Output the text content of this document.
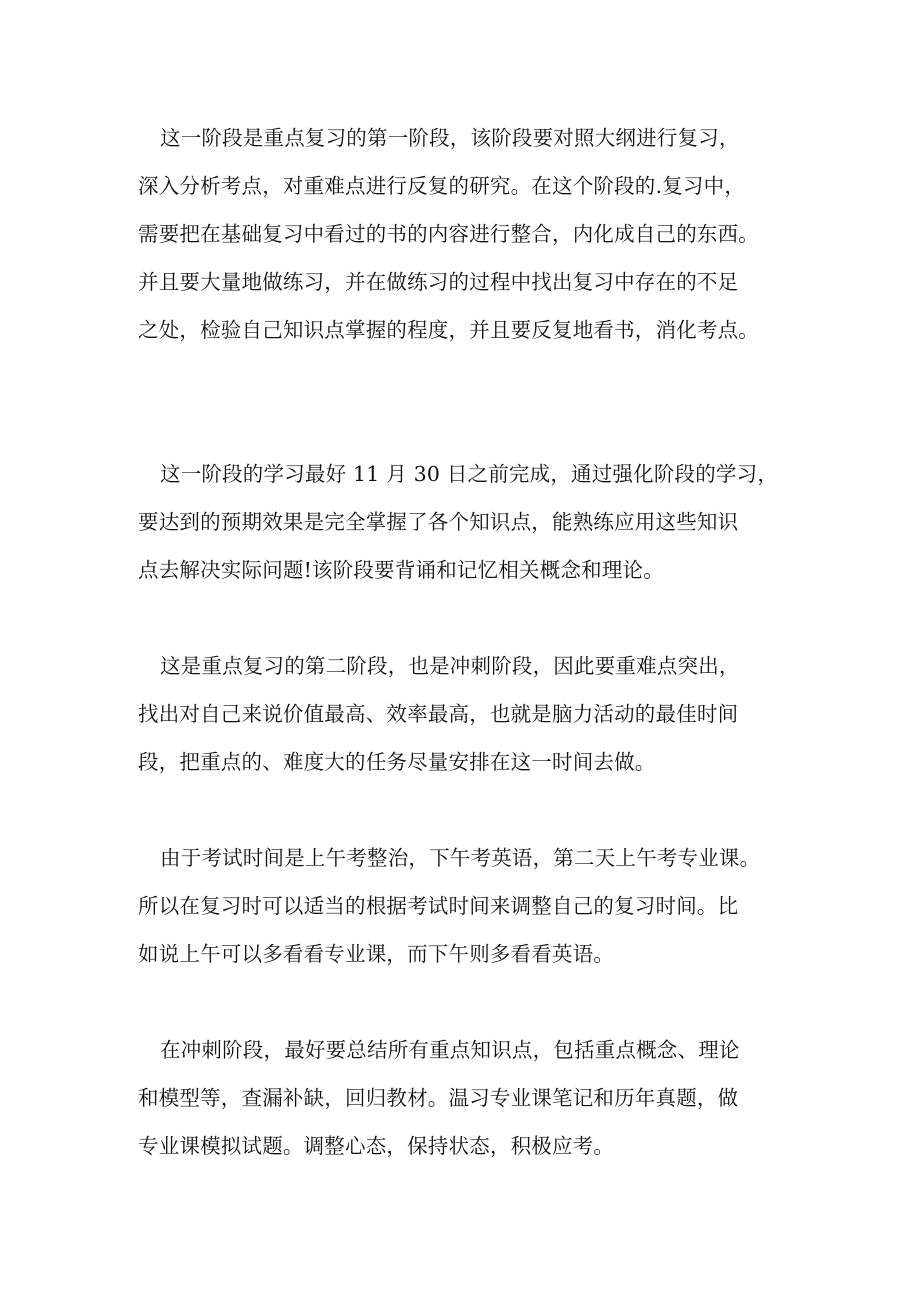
这一阶段是重点复习的第一阶段，该阶段要对照大纲进行复习，
深入分析考点，对重难点进行反复的研究。在这个阶段的.复习中，
需要把在基础复习中看过的书的内容进行整合，内化成自己的东西。
并且要大量地做练习，并在做练习的过程中找出复习中存在的不足
之处，检验自己知识点掌握的程度，并且要反复地看书，消化考点。
这一阶段的学习最好 11 月 30 日之前完成，通过强化阶段的学习，
要达到的预期效果是完全掌握了各个知识点，能熟练应用这些知识
点去解决实际问题!该阶段要背诵和记忆相关概念和理论。
这是重点复习的第二阶段，也是冲刺阶段，因此要重难点突出，
找出对自己来说价值最高、效率最高，也就是脑力活动的最佳时间
段，把重点的、难度大的任务尽量安排在这一时间去做。
由于考试时间是上午考整治，下午考英语，第二天上午考专业课。
所以在复习时可以适当的根据考试时间来调整自己的复习时间。比
如说上午可以多看看专业课，而下午则多看看英语。
在冲刺阶段，最好要总结所有重点知识点，包括重点概念、理论
和模型等，查漏补缺，回归教材。温习专业课笔记和历年真题，做
专业课模拟试题。调整心态，保持状态，积极应考。
